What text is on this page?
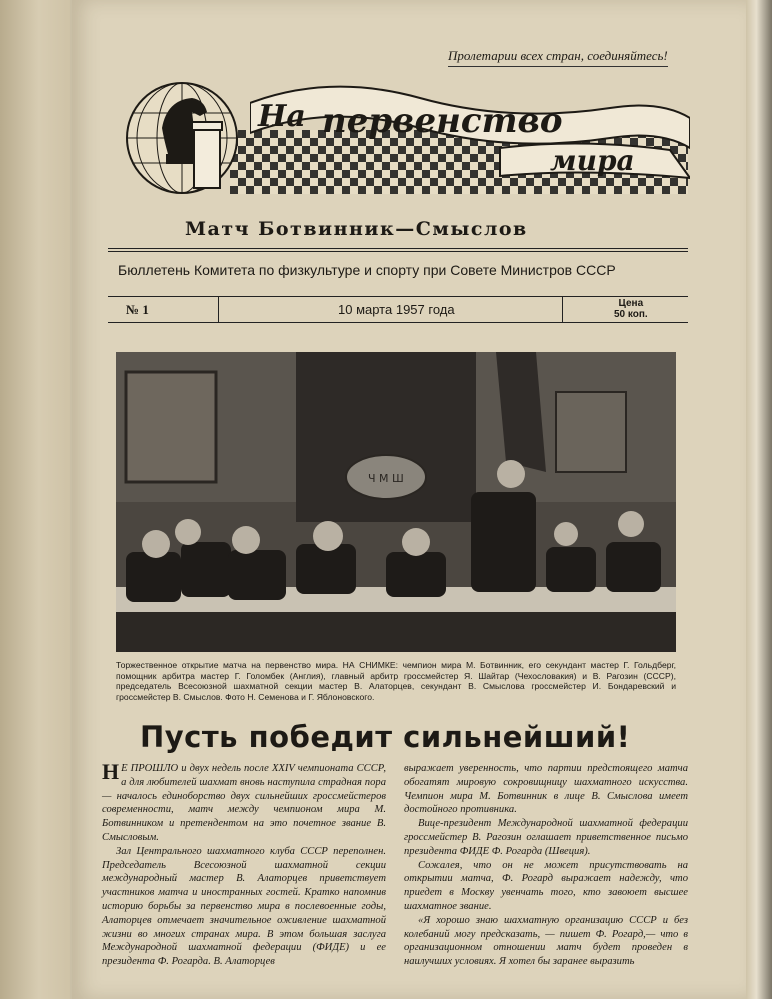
Пролетарии всех стран, соединяйтесь!
На первенство
мира
Матч Ботвинник—Смыслов
Бюллетень Комитета по физкультуре и спорту при Совете Министров СССР
№ 1	10 марта 1957 года	Цена
50 коп.
Ч М Ш
Торжественное открытие матча на первенство мира. НА СНИМКЕ: чемпион мира М. Ботвинник, его секундант мастер Г. Гольдберг, помощник арбитра мастер Г. Голомбек (Англия), главный арбитр гроссмейстер Я. Шайтар (Чехословакия) и В. Рагозин (СССР), председатель Всесоюзной шахматной секции мастер В. Алаторцев, секундант В. Смыслова гроссмейстер И. Бондаревский и гроссмейстер В. Смыслов. Фото Н. Семенова и Г. Яблоновского.
Пусть победит сильнейший!

Н Е ПРОШЛО и двух недель после XXIV чемпионата СССР, а для любителей шахмат вновь наступила страдная пора — началось единоборство двух сильнейших гроссмейстеров современности, матч между чемпионом мира М. Ботвинником и претендентом на это почетное звание В. Смысловым.

Зал Центрального шахматного клуба СССР переполнен. Председатель Всесоюзной шахматной секции международный мастер В. Алаторцев приветствует участников матча и иностранных гостей. Кратко напомнив историю борьбы за первенство мира в послевоенные годы, Алаторцев отмечает значительное оживление шахматной жизни во многих странах мира. В этом большая заслуга Международной шахматной федерации (ФИДЕ) и ее президента Ф. Рогарда. В. Алаторцев

выражает уверенность, что партии предстоящего матча обогатят мировую сокровищницу шахматного искусства. Чемпион мира М. Ботвинник в лице В. Смыслова имеет достойного противника.

Вице-президент Международной шахматной федерации гроссмейстер В. Рагозин оглашает приветственное письмо президента ФИДЕ Ф. Рогарда (Швеция).

Сожалея, что он не может присутствовать на открытии матча, Ф. Рогард выражает надежду, что приедет в Москву увенчать того, кто завоюет высшее шахматное звание.

«Я хорошо знаю шахматную организацию СССР и без колебаний могу предсказать, — пишет Ф. Рогард,— что в организационном отношении матч будет проведен в наилучших условиях. Я хотел бы заранее выразить
